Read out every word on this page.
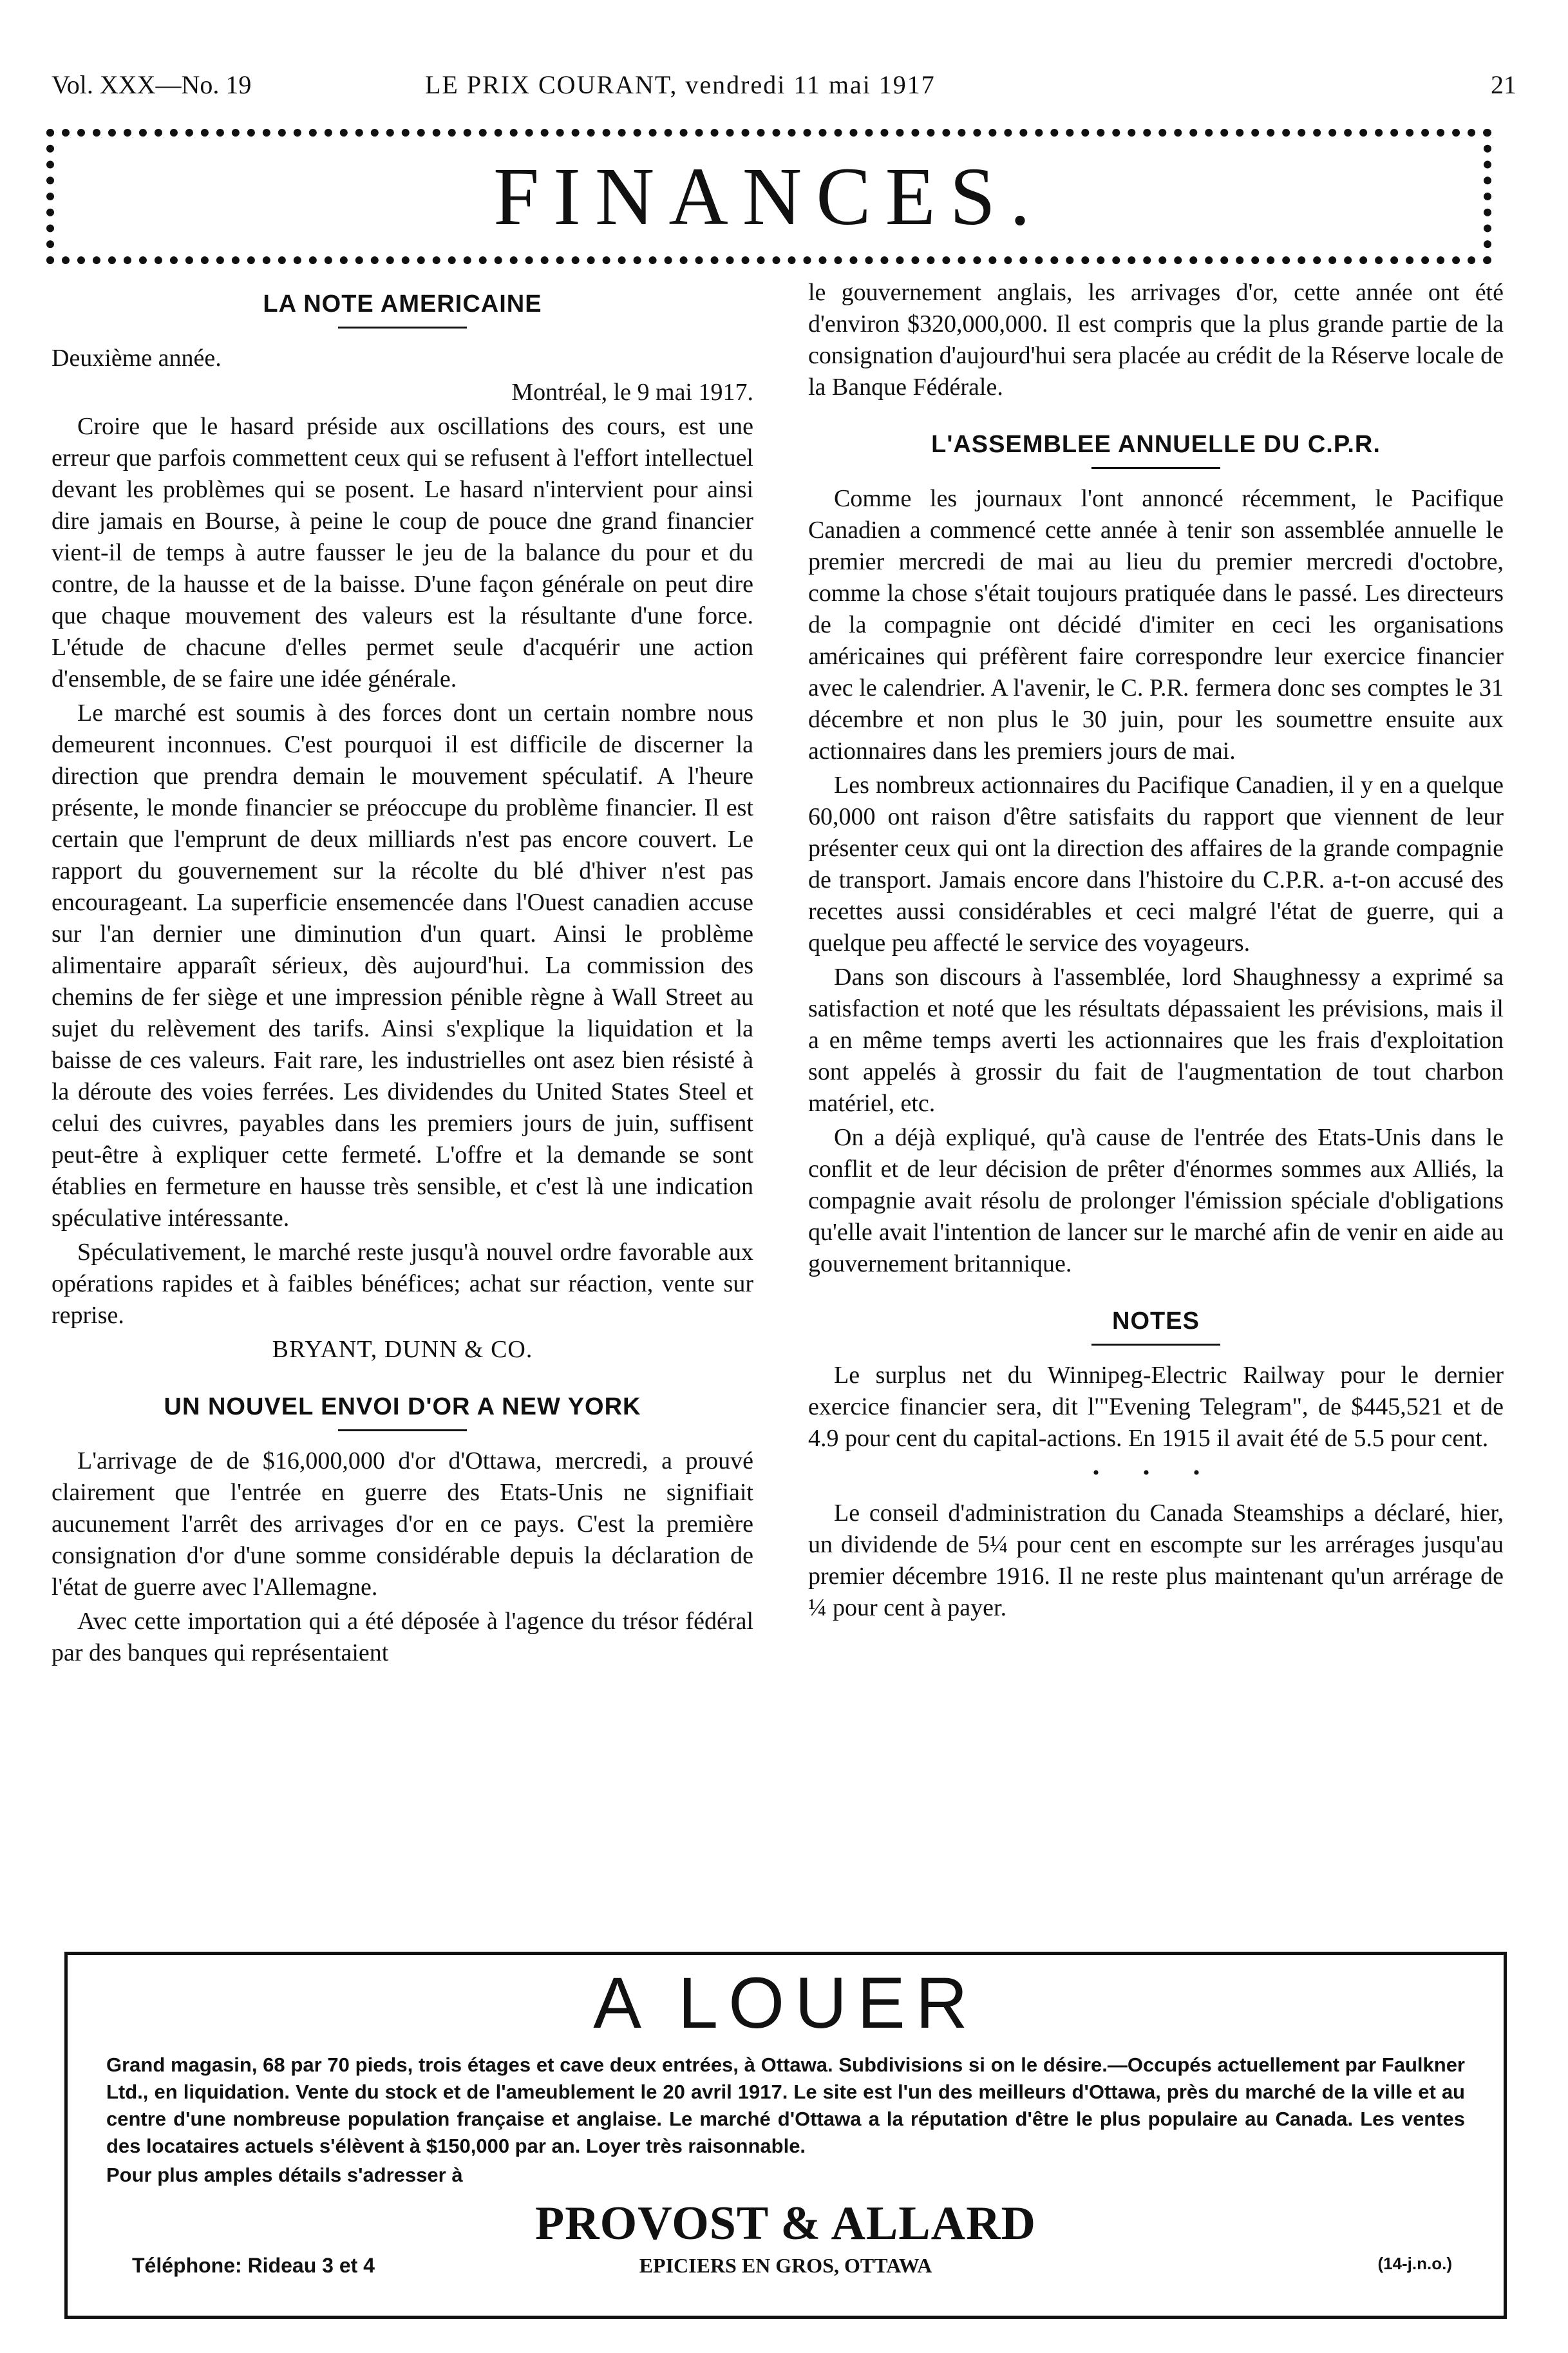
Vol. XXX—No. 19	LE PRIX COURANT, vendredi 11 mai 1917	21
FINANCES.
LA NOTE AMERICAINE

Deuxième année.

Montréal, le 9 mai 1917.

Croire que le hasard préside aux oscillations des cours, est une erreur que parfois commettent ceux qui se refusent à l'effort intellectuel devant les problèmes qui se posent. Le hasard n'intervient pour ainsi dire jamais en Bourse, à peine le coup de pouce dne grand financier vient-il de temps à autre fausser le jeu de la balance du pour et du contre, de la hausse et de la baisse. D'une façon générale on peut dire que chaque mouvement des valeurs est la résultante d'une force. L'étude de chacune d'elles permet seule d'acquérir une action d'ensemble, de se faire une idée générale.

Le marché est soumis à des forces dont un certain nombre nous demeurent inconnues. C'est pourquoi il est difficile de discerner la direction que prendra demain le mouvement spéculatif. A l'heure présente, le monde financier se préoccupe du problème financier. Il est certain que l'emprunt de deux milliards n'est pas encore couvert. Le rapport du gouvernement sur la récolte du blé d'hiver n'est pas encourageant. La superficie ensemencée dans l'Ouest canadien accuse sur l'an dernier une diminution d'un quart. Ainsi le problème alimentaire apparaît sérieux, dès aujourd'hui. La commission des chemins de fer siège et une impression pénible règne à Wall Street au sujet du relèvement des tarifs. Ainsi s'explique la liquidation et la baisse de ces valeurs. Fait rare, les industrielles ont asez bien résisté à la déroute des voies ferrées. Les dividendes du United States Steel et celui des cuivres, payables dans les premiers jours de juin, suffisent peut-être à expliquer cette fermeté. L'offre et la demande se sont établies en fermeture en hausse très sensible, et c'est là une indication spéculative intéressante.

Spéculativement, le marché reste jusqu'à nouvel ordre favorable aux opérations rapides et à faibles bénéfices; achat sur réaction, vente sur reprise.

BRYANT, DUNN & CO.

UN NOUVEL ENVOI D'OR A NEW YORK

L'arrivage de de $16,000,000 d'or d'Ottawa, mercredi, a prouvé clairement que l'entrée en guerre des Etats-Unis ne signifiait aucunement l'arrêt des arrivages d'or en ce pays. C'est la première consignation d'or d'une somme considérable depuis la déclaration de l'état de guerre avec l'Allemagne.

Avec cette importation qui a été déposée à l'agence du trésor fédéral par des banques qui représentaient

le gouvernement anglais, les arrivages d'or, cette année ont été d'environ $320,000,000. Il est compris que la plus grande partie de la consignation d'aujourd'hui sera placée au crédit de la Réserve locale de la Banque Fédérale.

L'ASSEMBLEE ANNUELLE DU C.P.R.

Comme les journaux l'ont annoncé récemment, le Pacifique Canadien a commencé cette année à tenir son assemblée annuelle le premier mercredi de mai au lieu du premier mercredi d'octobre, comme la chose s'était toujours pratiquée dans le passé. Les directeurs de la compagnie ont décidé d'imiter en ceci les organisations américaines qui préfèrent faire correspondre leur exercice financier avec le calendrier. A l'avenir, le C. P.R. fermera donc ses comptes le 31 décembre et non plus le 30 juin, pour les soumettre ensuite aux actionnaires dans les premiers jours de mai.

Les nombreux actionnaires du Pacifique Canadien, il y en a quelque 60,000 ont raison d'être satisfaits du rapport que viennent de leur présenter ceux qui ont la direction des affaires de la grande compagnie de transport. Jamais encore dans l'histoire du C.P.R. a-t-on accusé des recettes aussi considérables et ceci malgré l'état de guerre, qui a quelque peu affecté le service des voyageurs.

Dans son discours à l'assemblée, lord Shaughnessy a exprimé sa satisfaction et noté que les résultats dépassaient les prévisions, mais il a en même temps averti les actionnaires que les frais d'exploitation sont appelés à grossir du fait de l'augmentation de tout charbon matériel, etc.

On a déjà expliqué, qu'à cause de l'entrée des Etats-Unis dans le conflit et de leur décision de prêter d'énormes sommes aux Alliés, la compagnie avait résolu de prolonger l'émission spéciale d'obligations qu'elle avait l'intention de lancer sur le marché afin de venir en aide au gouvernement britannique.

NOTES

Le surplus net du Winnipeg-Electric Railway pour le dernier exercice financier sera, dit l'"Evening Telegram", de $445,521 et de 4.9 pour cent du capital-actions. En 1915 il avait été de 5.5 pour cent.

• • •

Le conseil d'administration du Canada Steamships a déclaré, hier, un dividende de 5¼ pour cent en escompte sur les arrérages jusqu'au premier décembre 1916. Il ne reste plus maintenant qu'un arrérage de ¼ pour cent à payer.

A LOUER
Grand magasin, 68 par 70 pieds, trois étages et cave deux entrées, à Ottawa. Subdivisions si on le désire.—Occupés actuellement par Faulkner Ltd., en liquidation. Vente du stock et de l'ameublement le 20 avril 1917. Le site est l'un des meilleurs d'Ottawa, près du marché de la ville et au centre d'une nombreuse population française et anglaise. Le marché d'Ottawa a la réputation d'être le plus populaire au Canada. Les ventes des locataires actuels s'élèvent à $150,000 par an. Loyer très raisonnable.
Pour plus amples détails s'adresser à
PROVOST & ALLARD
Téléphone: Rideau 3 et 4	EPICIERS EN GROS, OTTAWA	(14-j.n.o.)
